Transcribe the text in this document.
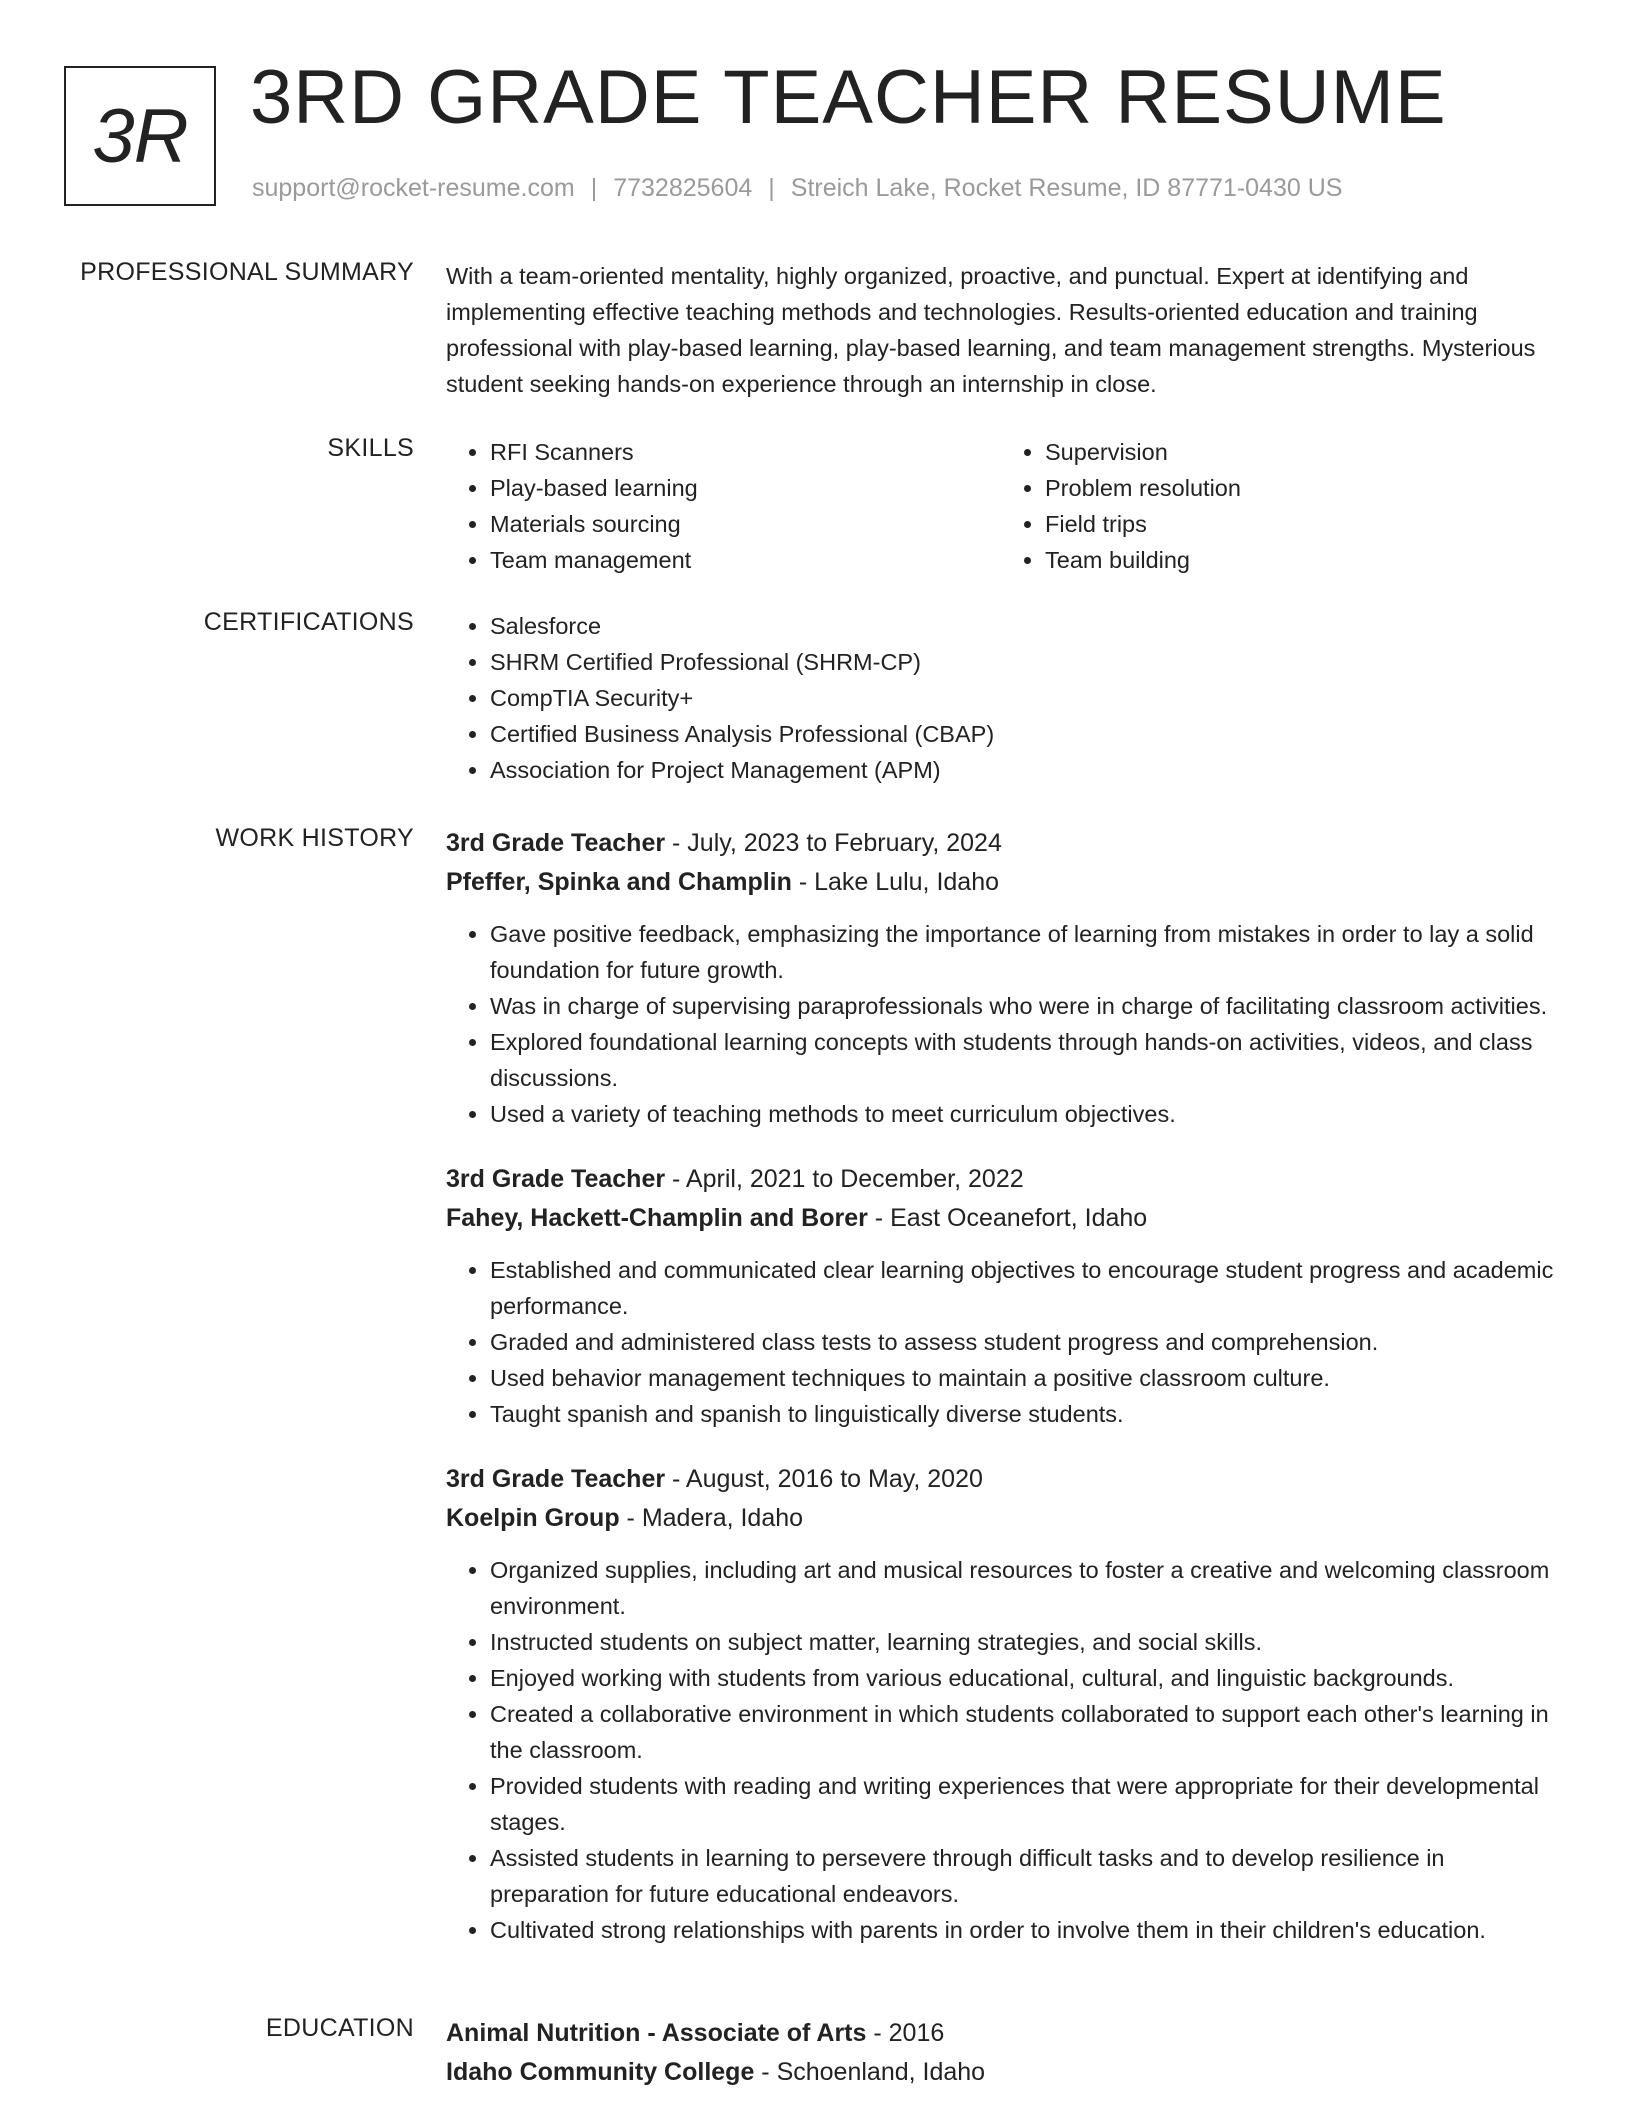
3R 3RD GRADE TEACHER RESUME
support@rocket-resume.com | 7732825604 | Streich Lake, Rocket Resume, ID 87771-0430 US
PROFESSIONAL SUMMARY With a team-oriented mentality, highly organized, proactive, and punctual. Expert at identifying and implementing effective teaching methods and technologies. Results-oriented education and training professional with play-based learning, play-based learning, and team management strengths. Mysterious student seeking hands-on experience through an internship in close.

SKILLS	• RFI Scanners
• Play-based learning
• Materials sourcing
• Team management
• Supervision
• Problem resolution
• Field trips
• Team building
CERTIFICATIONS	• Salesforce
• SHRM Certified Professional (SHRM-CP)
• CompTIA Security+
• Certified Business Analysis Professional (CBAP)
• Association for Project Management (APM)
WORK HISTORY 3rd Grade Teacher - July, 2023 to February, 2024

Pfeffer, Spinka and Champlin - Lake Lulu, Idaho

• Gave positive feedback, emphasizing the importance of learning from mistakes in order to lay a solid foundation for future growth.
• Was in charge of supervising paraprofessionals who were in charge of facilitating classroom activities.
• Explored foundational learning concepts with students through hands-on activities, videos, and class discussions.
• Used a variety of teaching methods to meet curriculum objectives.

3rd Grade Teacher - April, 2021 to December, 2022

Fahey, Hackett-Champlin and Borer - East Oceanefort, Idaho

• Established and communicated clear learning objectives to encourage student progress and academic performance.
• Graded and administered class tests to assess student progress and comprehension.
• Used behavior management techniques to maintain a positive classroom culture.
• Taught spanish and spanish to linguistically diverse students.

3rd Grade Teacher - August, 2016 to May, 2020

Koelpin Group - Madera, Idaho

• Organized supplies, including art and musical resources to foster a creative and welcoming classroom environment.
• Instructed students on subject matter, learning strategies, and social skills.
• Enjoyed working with students from various educational, cultural, and linguistic backgrounds.
• Created a collaborative environment in which students collaborated to support each other's learning in the classroom.
• Provided students with reading and writing experiences that were appropriate for their developmental stages.
• Assisted students in learning to persevere through difficult tasks and to develop resilience in preparation for future educational endeavors.
• Cultivated strong relationships with parents in order to involve them in their children's education.
EDUCATION Animal Nutrition - Associate of Arts - 2016

Idaho Community College - Schoenland, Idaho
